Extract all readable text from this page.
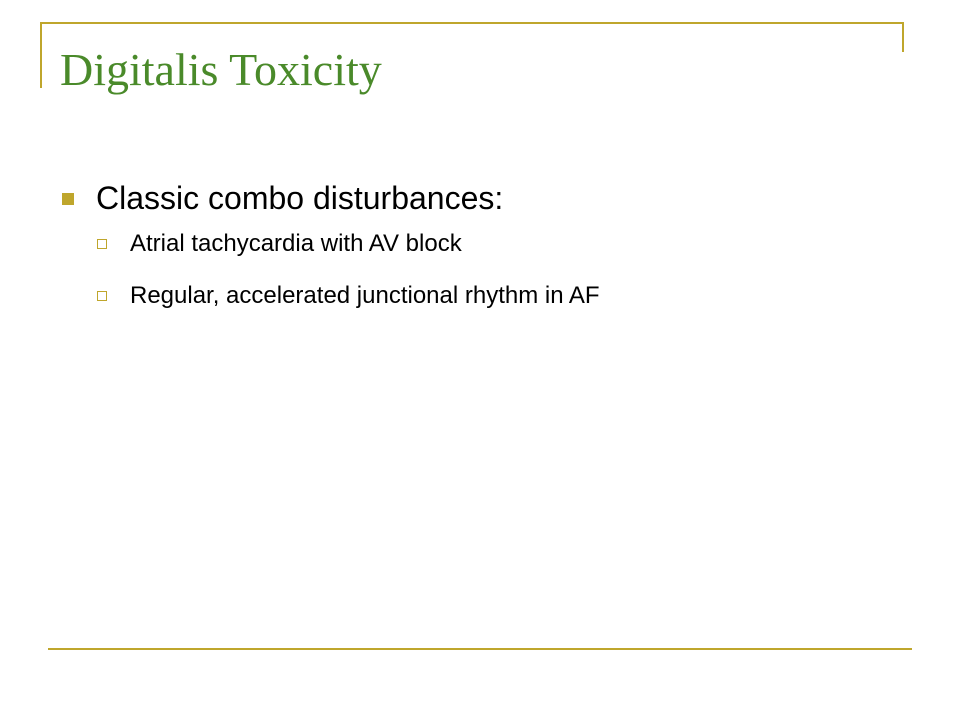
Digitalis Toxicity
Classic combo disturbances:
Atrial tachycardia with AV block
Regular, accelerated junctional rhythm in AF
